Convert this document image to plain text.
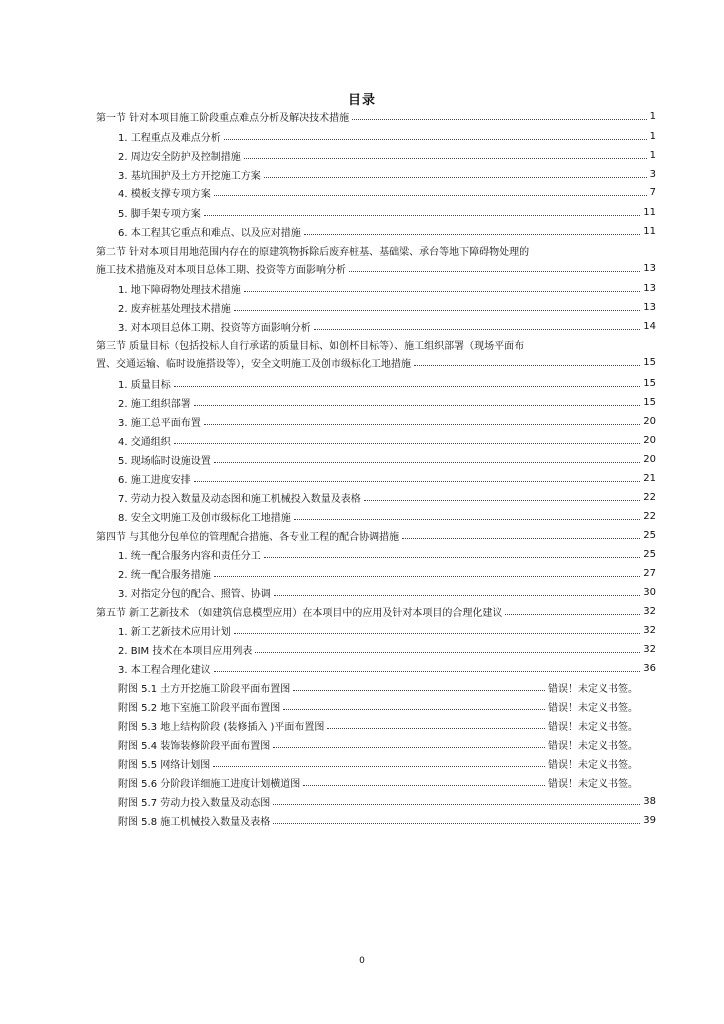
目录
第一节 针对本项目施工阶段重点难点分析及解决技术措施	1
1. 工程重点及难点分析	1
2. 周边安全防护及控制措施	1
3. 基坑围护及土方开挖施工方案	3
4. 模板支撑专项方案	7
5. 脚手架专项方案	11
6. 本工程其它重点和难点、以及应对措施	11
第二节 针对本项目用地范围内存在的原建筑物拆除后废弃桩基、基础梁、承台等地下障碍物处理的
施工技术措施及对本项目总体工期、投资等方面影响分析	13
1. 地下障碍物处理技术措施	13
2. 废弃桩基处理技术措施	13
3. 对本项目总体工期、投资等方面影响分析	14
第三节 质量目标（包括投标人自行承诺的质量目标、如创杯目标等）、施工组织部署（现场平面布
置、交通运输、临时设施搭设等），安全文明施工及创市级标化工地措施	15
1. 质量目标	15
2. 施工组织部署	15
3. 施工总平面布置	20
4. 交通组织	20
5. 现场临时设施设置	20
6. 施工进度安排	21
7. 劳动力投入数量及动态图和施工机械投入数量及表格	22
8. 安全文明施工及创市级标化工地措施	22
第四节 与其他分包单位的管理配合措施、各专业工程的配合协调措施	25
1. 统一配合服务内容和责任分工	25
2. 统一配合服务措施	27
3. 对指定分包的配合、照管、协调	30
第五节 新工艺新技术 （如建筑信息模型应用）在本项目中的应用及针对本项目的合理化建议	32
1. 新工艺新技术应用计划	32
2. BIM 技术在本项目应用列表	32
3. 本工程合理化建议	36
附图 5.1 土方开挖施工阶段平面布置图	错误！未定义书签。
附图 5.2 地下室施工阶段平面布置图	错误！未定义书签。
附图 5.3 地上结构阶段 (装修插入 )平面布置图	错误！未定义书签。
附图 5.4 装饰装修阶段平面布置图	错误！未定义书签。
附图 5.5 网络计划图	错误！未定义书签。
附图 5.6 分阶段详细施工进度计划横道图	错误！未定义书签。
附图 5.7 劳动力投入数量及动态图	38
附图 5.8 施工机械投入数量及表格	39
0
